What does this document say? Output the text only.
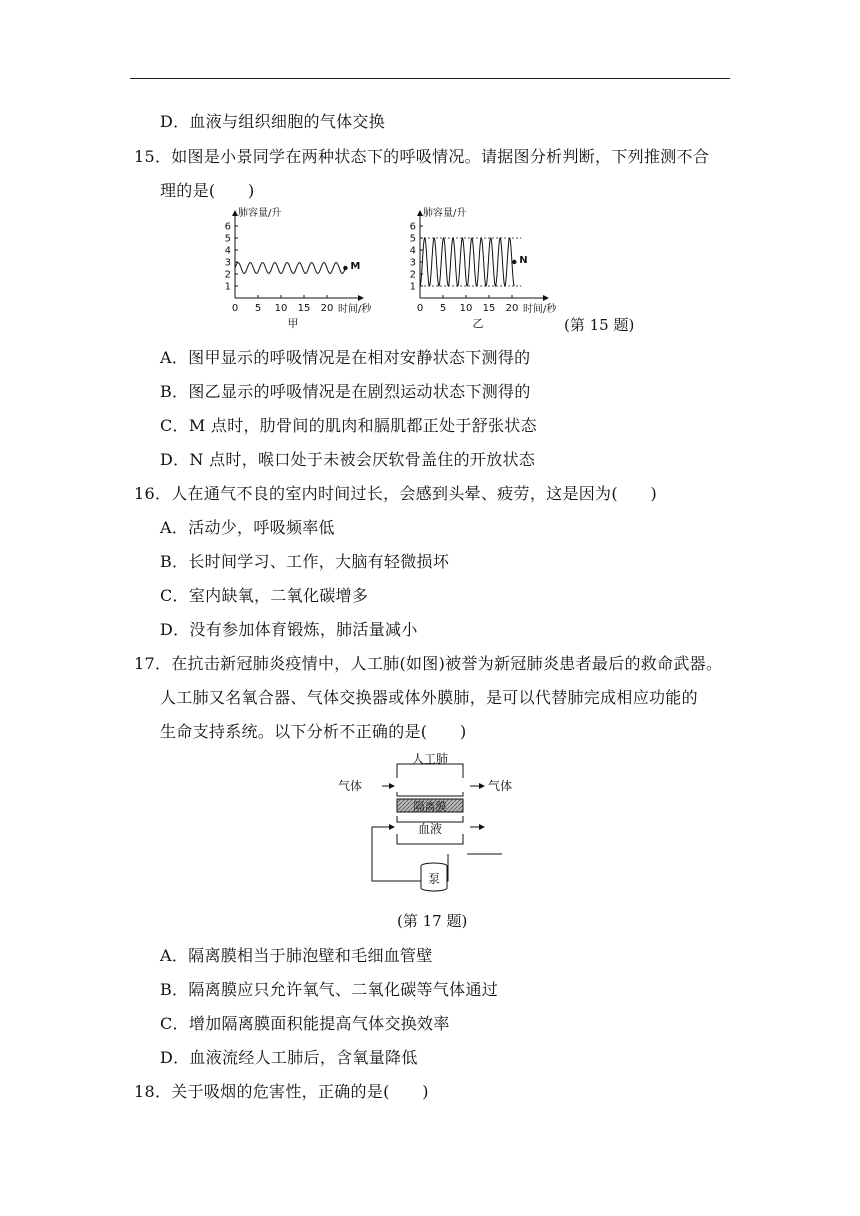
D．血液与组织细胞的气体交换
15．如图是小景同学在两种状态下的呼吸情况。请据图分析判断，下列推测不合
理的是(　　)
1
2
3
4
5
6
0 5 10 15 20
肺容量/升
时间/秒
甲
M
1
2
3
4
5
6
0 5 10 15 20
肺容量/升
时间/秒
乙
N
(第 15 题)
A．图甲显示的呼吸情况是在相对安静状态下测得的
B．图乙显示的呼吸情况是在剧烈运动状态下测得的
C．M 点时，肋骨间的肌肉和膈肌都正处于舒张状态
D．N 点时，喉口处于未被会厌软骨盖住的开放状态
16．人在通气不良的室内时间过长，会感到头晕、疲劳，这是因为(　　)
A．活动少，呼吸频率低
B．长时间学习、工作，大脑有轻微损坏
C．室内缺氧，二氧化碳增多
D．没有参加体育锻炼，肺活量减小
17．在抗击新冠肺炎疫情中，人工肺(如图)被誉为新冠肺炎患者最后的救命武器。
人工肺又名氧合器、气体交换器或体外膜肺，是可以代替肺完成相应功能的
生命支持系统。以下分析不正确的是(　　)
人工肺
气体	气体
隔离膜
血液
泵
(第 17 题)
A．隔离膜相当于肺泡壁和毛细血管壁
B．隔离膜应只允许氧气、二氧化碳等气体通过
C．增加隔离膜面积能提高气体交换效率
D．血液流经人工肺后，含氧量降低
18．关于吸烟的危害性，正确的是(　　)
